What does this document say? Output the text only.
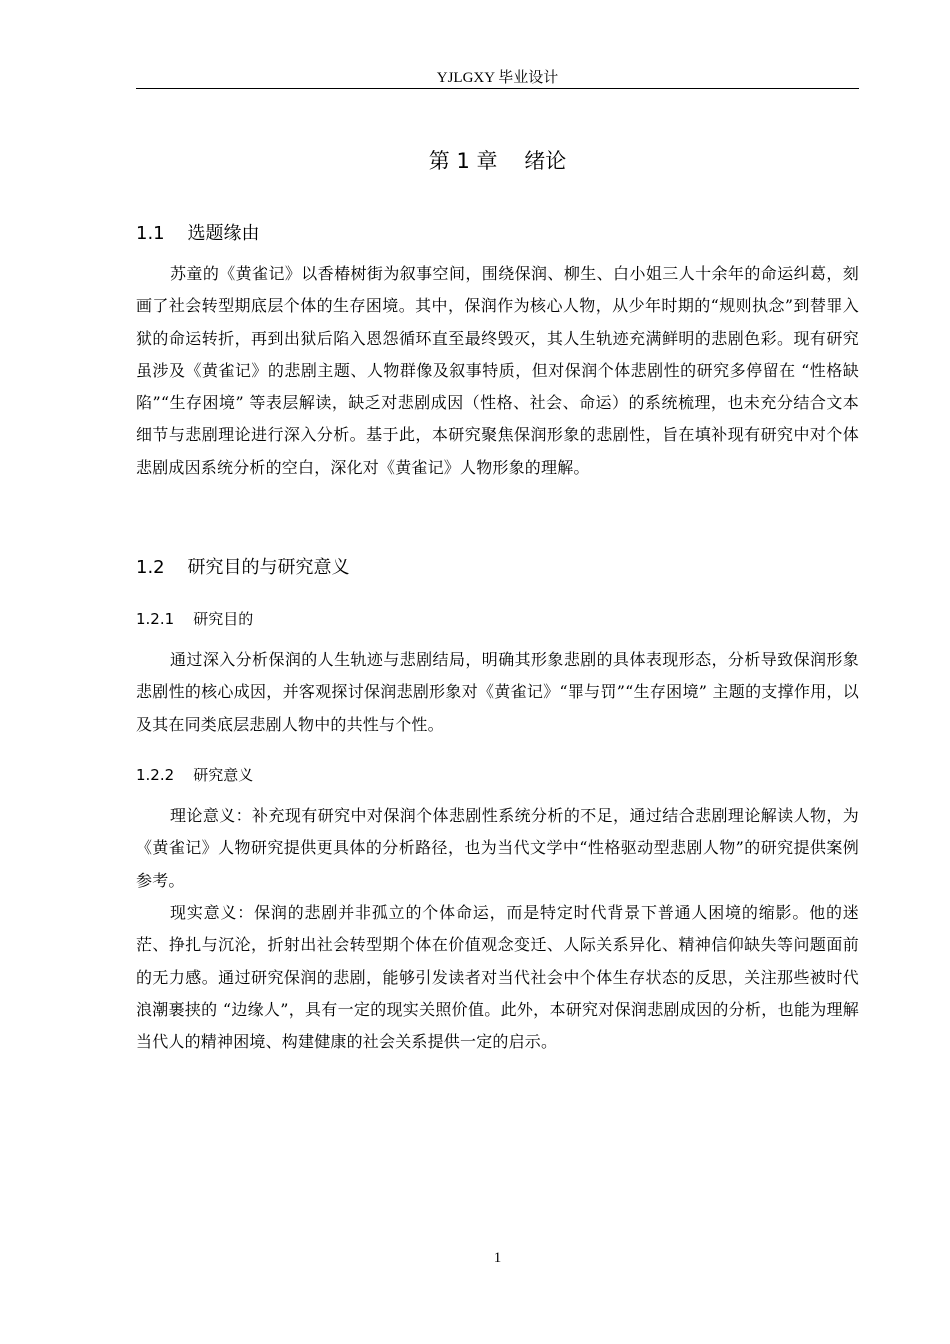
YJLGXY 毕业设计
第 1 章    绪论
1.1    选题缘由

苏童的《黄雀记》以香椿树街为叙事空间，围绕保润、柳生、白小姐三人十余年的命运纠葛，刻画了社会转型期底层个体的生存困境。其中，保润作为核心人物，从少年时期的“规则执念”到替罪入狱的命运转折，再到出狱后陷入恩怨循环直至最终毁灭，其人生轨迹充满鲜明的悲剧色彩。现有研究虽涉及《黄雀记》的悲剧主题、人物群像及叙事特质，但对保润个体悲剧性的研究多停留在 “性格缺陷”“生存困境” 等表层解读，缺乏对悲剧成因（性格、社会、命运）的系统梳理，也未充分结合文本细节与悲剧理论进行深入分析。基于此，本研究聚焦保润形象的悲剧性，旨在填补现有研究中对个体悲剧成因系统分析的空白，深化对《黄雀记》人物形象的理解。

1.2    研究目的与研究意义
1.2.1    研究目的

通过深入分析保润的人生轨迹与悲剧结局，明确其形象悲剧的具体表现形态，分析导致保润形象悲剧性的核心成因，并客观探讨保润悲剧形象对《黄雀记》“罪与罚”“生存困境” 主题的支撑作用，以及其在同类底层悲剧人物中的共性与个性。

1.2.2    研究意义

理论意义：补充现有研究中对保润个体悲剧性系统分析的不足，通过结合悲剧理论解读人物，为《黄雀记》人物研究提供更具体的分析路径，也为当代文学中“性格驱动型悲剧人物”的研究提供案例参考。

现实意义：保润的悲剧并非孤立的个体命运，而是特定时代背景下普通人困境的缩影。他的迷茫、挣扎与沉沦，折射出社会转型期个体在价值观念变迁、人际关系异化、精神信仰缺失等问题面前的无力感。通过研究保润的悲剧，能够引发读者对当代社会中个体生存状态的反思，关注那些被时代浪潮裹挟的 “边缘人”，具有一定的现实关照价值。此外，本研究对保润悲剧成因的分析，也能为理解当代人的精神困境、构建健康的社会关系提供一定的启示。

1
